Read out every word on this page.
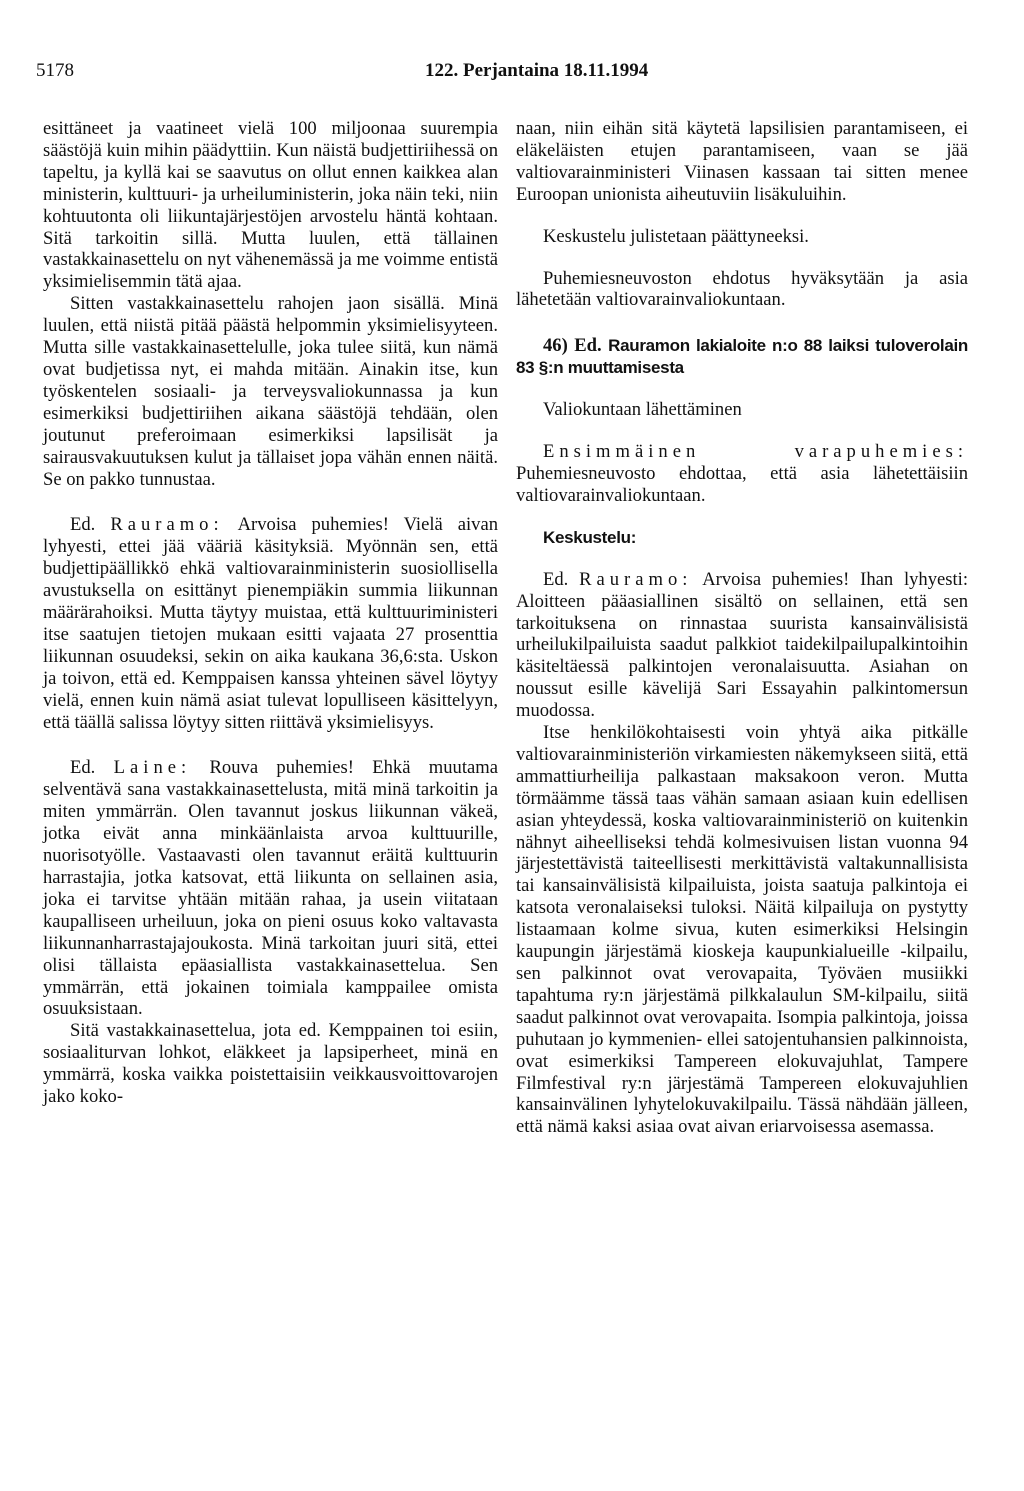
5178	122. Perjantaina 18.11.1994

esittäneet ja vaatineet vielä 100 miljoonaa suurempia säästöjä kuin mihin päädyttiin. Kun näistä budjettiriihessä on tapeltu, ja kyllä kai se saavutus on ollut ennen kaikkea alan ministerin, kulttuuri- ja urheiluministerin, joka näin teki, niin kohtuutonta oli liikuntajärjestöjen arvostelu häntä kohtaan. Sitä tarkoitin sillä. Mutta luulen, että tällainen vastakkainasettelu on nyt vähenemässä ja me voimme entistä yksimielisemmin tätä ajaa.

Sitten vastakkainasettelu rahojen jaon sisällä. Minä luulen, että niistä pitää päästä helpommin yksimielisyyteen. Mutta sille vastakkainasettelulle, joka tulee siitä, kun nämä ovat budjetissa nyt, ei mahda mitään. Ainakin itse, kun työskentelen sosiaali- ja terveysvaliokunnassa ja kun esimerkiksi budjettiriihen aikana säästöjä tehdään, olen joutunut preferoimaan esimerkiksi lapsilisät ja sairausvakuutuksen kulut ja tällaiset jopa vähän ennen näitä. Se on pakko tunnustaa.

Ed. Rauramo: Arvoisa puhemies! Vielä aivan lyhyesti, ettei jää vääriä käsityksiä. Myönnän sen, että budjettipäällikkö ehkä valtiovarainministerin suosiollisella avustuksella on esittänyt pienempiäkin summia liikunnan määrärahoiksi. Mutta täytyy muistaa, että kulttuuriministeri itse saatujen tietojen mukaan esitti vajaata 27 prosenttia liikunnan osuudeksi, sekin on aika kaukana 36,6:sta. Uskon ja toivon, että ed. Kemppaisen kanssa yhteinen sävel löytyy vielä, ennen kuin nämä asiat tulevat lopulliseen käsittelyyn, että täällä salissa löytyy sitten riittävä yksimielisyys.

Ed. Laine: Rouva puhemies! Ehkä muutama selventävä sana vastakkainasettelusta, mitä minä tarkoitin ja miten ymmärrän. Olen tavannut joskus liikunnan väkeä, jotka eivät anna minkäänlaista arvoa kulttuurille, nuorisotyölle. Vastaavasti olen tavannut eräitä kulttuurin harrastajia, jotka katsovat, että liikunta on sellainen asia, joka ei tarvitse yhtään mitään rahaa, ja usein viitataan kaupalliseen urheiluun, joka on pieni osuus koko valtavasta liikunnanharrastajajoukosta. Minä tarkoitan juuri sitä, ettei olisi tällaista epäasiallista vastakkainasettelua. Sen ymmärrän, että jokainen toimiala kamppailee omista osuuksistaan.

Sitä vastakkainasettelua, jota ed. Kemppainen toi esiin, sosiaaliturvan lohkot, eläkkeet ja lapsiperheet, minä en ymmärrä, koska vaikka poistettaisiin veikkausvoittovarojen jako koko-

naan, niin eihän sitä käytetä lapsilisien parantamiseen, ei eläkeläisten etujen parantamiseen, vaan se jää valtiovarainministeri Viinasen kassaan tai sitten menee Euroopan unionista aiheutuviin lisäkuluihin.

Keskustelu julistetaan päättyneeksi.

Puhemiesneuvoston ehdotus hyväksytään ja asia lähetetään valtiovarainvaliokuntaan.

46) Ed. Rauramon lakialoite n:o 88 laiksi tuloverolain 83 §:n muuttamisesta

Valiokuntaan lähettäminen

Ensimmäinen varapuhemies: Puhemiesneuvosto ehdottaa, että asia lähetettäisiin valtiovarainvaliokuntaan.

Keskustelu:

Ed. Rauramo: Arvoisa puhemies! Ihan lyhyesti: Aloitteen pääasiallinen sisältö on sellainen, että sen tarkoituksena on rinnastaa suurista kansainvälisistä urheilukilpailuista saadut palkkiot taidekilpailupalkintoihin käsiteltäessä palkintojen veronalaisuutta. Asiahan on noussut esille kävelijä Sari Essayahin palkintomersun muodossa.

Itse henkilökohtaisesti voin yhtyä aika pitkälle valtiovarainministeriön virkamiesten näkemykseen siitä, että ammattiurheilija palkastaan maksakoon veron. Mutta törmäämme tässä taas vähän samaan asiaan kuin edellisen asian yhteydessä, koska valtiovarainministeriö on kuitenkin nähnyt aiheelliseksi tehdä kolmesivuisen listan vuonna 94 järjestettävistä taiteellisesti merkittävistä valtakunnallisista tai kansainvälisistä kilpailuista, joista saatuja palkintoja ei katsota veronalaiseksi tuloksi. Näitä kilpailuja on pystytty listaamaan kolme sivua, kuten esimerkiksi Helsingin kaupungin järjestämä kioskeja kaupunkialueille -kilpailu, sen palkinnot ovat verovapaita, Työväen musiikki tapahtuma ry:n järjestämä pilkkalaulun SM-kilpailu, siitä saadut palkinnot ovat verovapaita. Isompia palkintoja, joissa puhutaan jo kymmenien- ellei satojentuhansien palkinnoista, ovat esimerkiksi Tampereen elokuvajuhlat, Tampere Filmfestival ry:n järjestämä Tampereen elokuvajuhlien kansainvälinen lyhytelokuvakilpailu. Tässä nähdään jälleen, että nämä kaksi asiaa ovat aivan eriarvoisessa asemassa.
